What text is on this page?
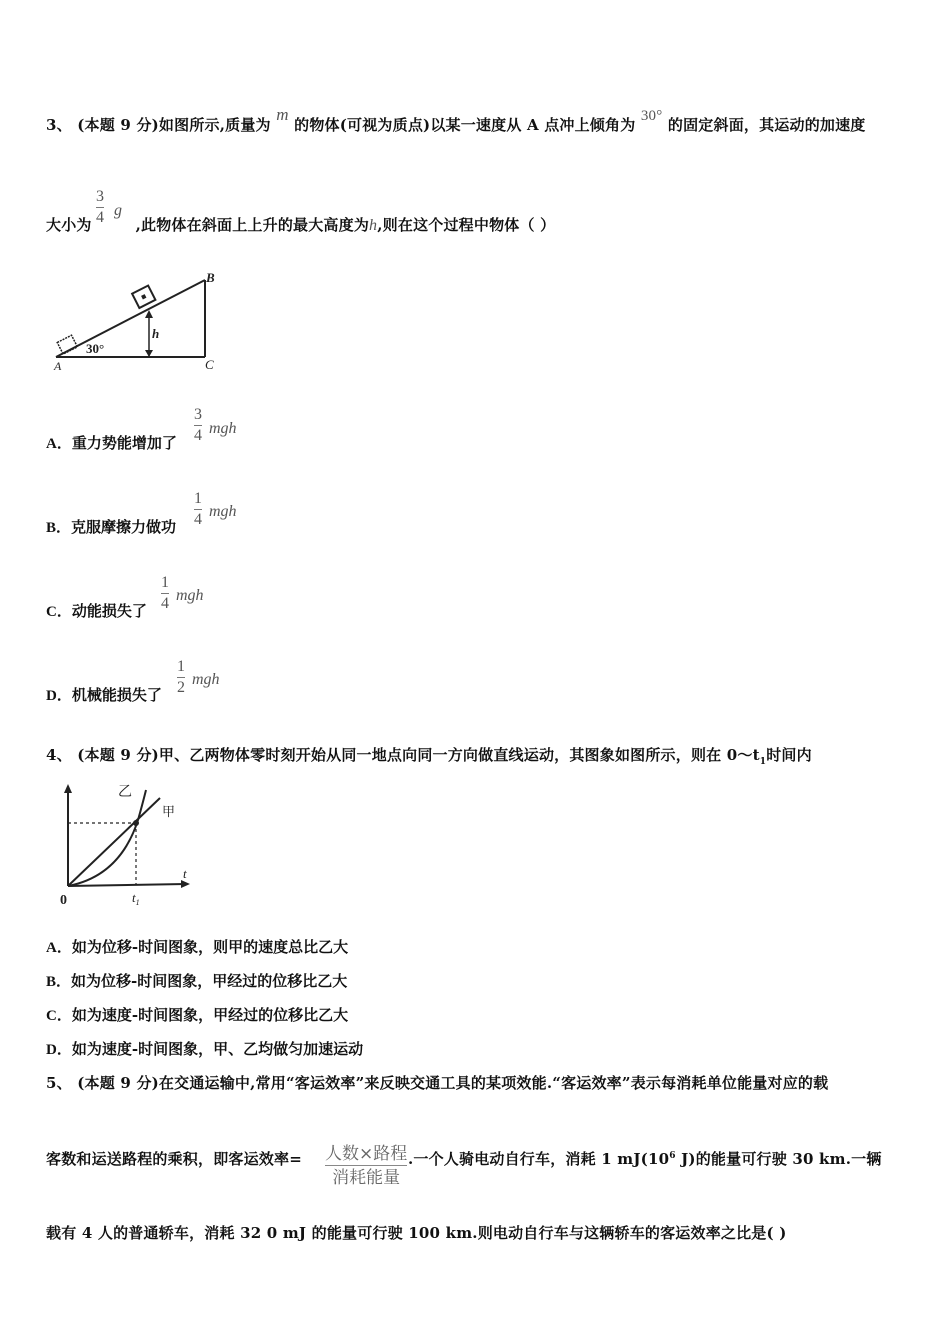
3、 (本题 9 分)如图所示,质量为 m 的物体(可视为质点)以某一速度从 A 点冲上倾角为 30° 的固定斜面，其运动的加速度
大小为	,此物体在斜面上上升的最大高度为h,则在这个过程中物体（ ）
3
4 g
h
30°
A
B
C
A．重力势能增加了
3
4 mgh
B．克服摩擦力做功
1
4 mgh
C．动能损失了
1
4 mgh
D．机械能损失了
1
2 mgh
4、 (本题 9 分)甲、乙两物体零时刻开始从同一地点向同一方向做直线运动，其图象如图所示，则在 $0\sim t_1$时间内
乙
甲
0	$t_1$
t
A．如为位移-时间图象，则甲的速度总比乙大
B．如为位移-时间图象，甲经过的位移比乙大
C．如为速度-时间图象，甲经过的位移比乙大
D．如为速度-时间图象，甲、乙均做匀加速运动
5、 (本题 9 分)在交通运输中,常用“客运效率”来反映交通工具的某项效能.“客运效率”表示每消耗单位能量对应的载
客数和运送路程的乘积，即客运效率=	.一个人骑电动自行车，消耗 1 $mJ(10^6$ J)的能量可行驶 30 km.一辆
人数×路程
消耗能量
载有 4 人的普通轿车，消耗 32 0 mJ 的能量可行驶 100 km.则电动自行车与这辆轿车的客运效率之比是( )
